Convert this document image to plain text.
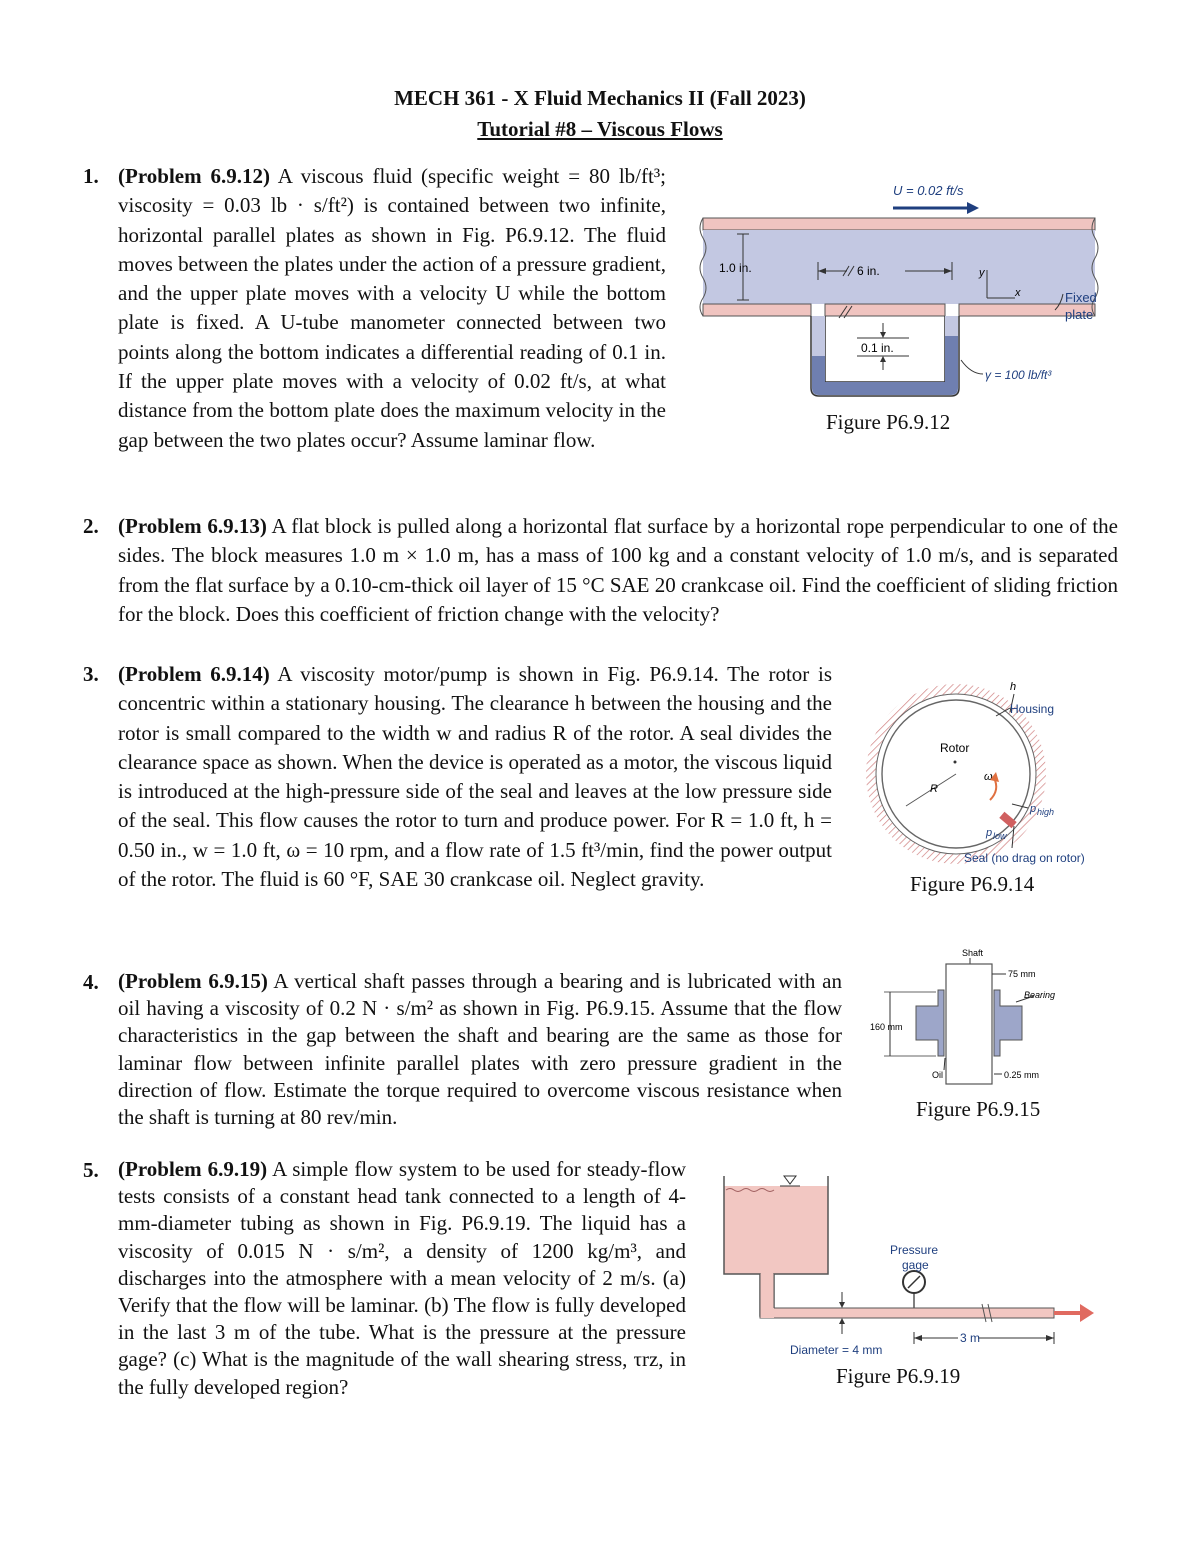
MECH 361 - X Fluid Mechanics II (Fall 2023)
Tutorial #8 – Viscous Flows
1. (Problem 6.9.12) A viscous fluid (specific weight = 80 lb/ft³; viscosity = 0.03 lb · s/ft²) is contained between two infinite, horizontal parallel plates as shown in Fig. P6.9.12. The fluid moves between the plates under the action of a pressure gradient, and the upper plate moves with a velocity U while the bottom plate is fixed. A U-tube manometer connected between two points along the bottom indicates a differential reading of 0.1 in. If the upper plate moves with a velocity of 0.02 ft/s, at what distance from the bottom plate does the maximum velocity in the gap between the two plates occur? Assume laminar flow.
U = 0.02 ft/s
1.0 in.	6 in.
0.1 in.
y
x	Fixed
plate
γ = 100 lb/ft³
Figure P6.9.12
2. (Problem 6.9.13) A flat block is pulled along a horizontal flat surface by a horizontal rope perpendicular to one of the sides. The block measures 1.0 m × 1.0 m, has a mass of 100 kg and a constant velocity of 1.0 m/s, and is separated from the flat surface by a 0.10-cm-thick oil layer of 15 °C SAE 20 crankcase oil. Find the coefficient of sliding friction for the block. Does this coefficient of friction change with the velocity?
3. (Problem 6.9.14) A viscosity motor/pump is shown in Fig. P6.9.14. The rotor is concentric within a stationary housing. The clearance h between the housing and the rotor is small compared to the width w and radius R of the rotor. A seal divides the clearance space as shown. When the device is operated as a motor, the viscous liquid is introduced at the high-pressure side of the seal and leaves at the low pressure side of the seal. This flow causes the rotor to turn and produce power. For R = 1.0 ft, h = 0.50 in., w = 1.0 ft, ω = 10 rpm, and a flow rate of 1.5 ft³/min, find the power output of the rotor. The fluid is 60 °F, SAE 30 crankcase oil. Neglect gravity.
R
Rotor
ω
h
Housing
p high
p low
Seal (no drag on rotor)
Figure P6.9.14
4. (Problem 6.9.15) A vertical shaft passes through a bearing and is lubricated with an oil having a viscosity of 0.2 N · s/m² as shown in Fig. P6.9.15. Assume that the flow characteristics in the gap between the shaft and bearing are the same as those for laminar flow between infinite parallel plates with zero pressure gradient in the direction of flow. Estimate the torque required to overcome viscous resistance when the shaft is turning at 80 rev/min.
Shaft
75 mm
Bearing
160 mm
Oil	0.25 mm
Figure P6.9.15
5. (Problem 6.9.19) A simple flow system to be used for steady-flow tests consists of a constant head tank connected to a length of 4-mm-diameter tubing as shown in Fig. P6.9.19. The liquid has a viscosity of 0.015 N · s/m², a density of 1200 kg/m³, and discharges into the atmosphere with a mean velocity of 2 m/s. (a) Verify that the flow will be laminar. (b) The flow is fully developed in the last 3 m of the tube. What is the pressure at the pressure gage? (c) What is the magnitude of the wall shearing stress, τrz, in the fully developed region?
Pressure
gage
Diameter = 4 mm
3 m
Figure P6.9.19
